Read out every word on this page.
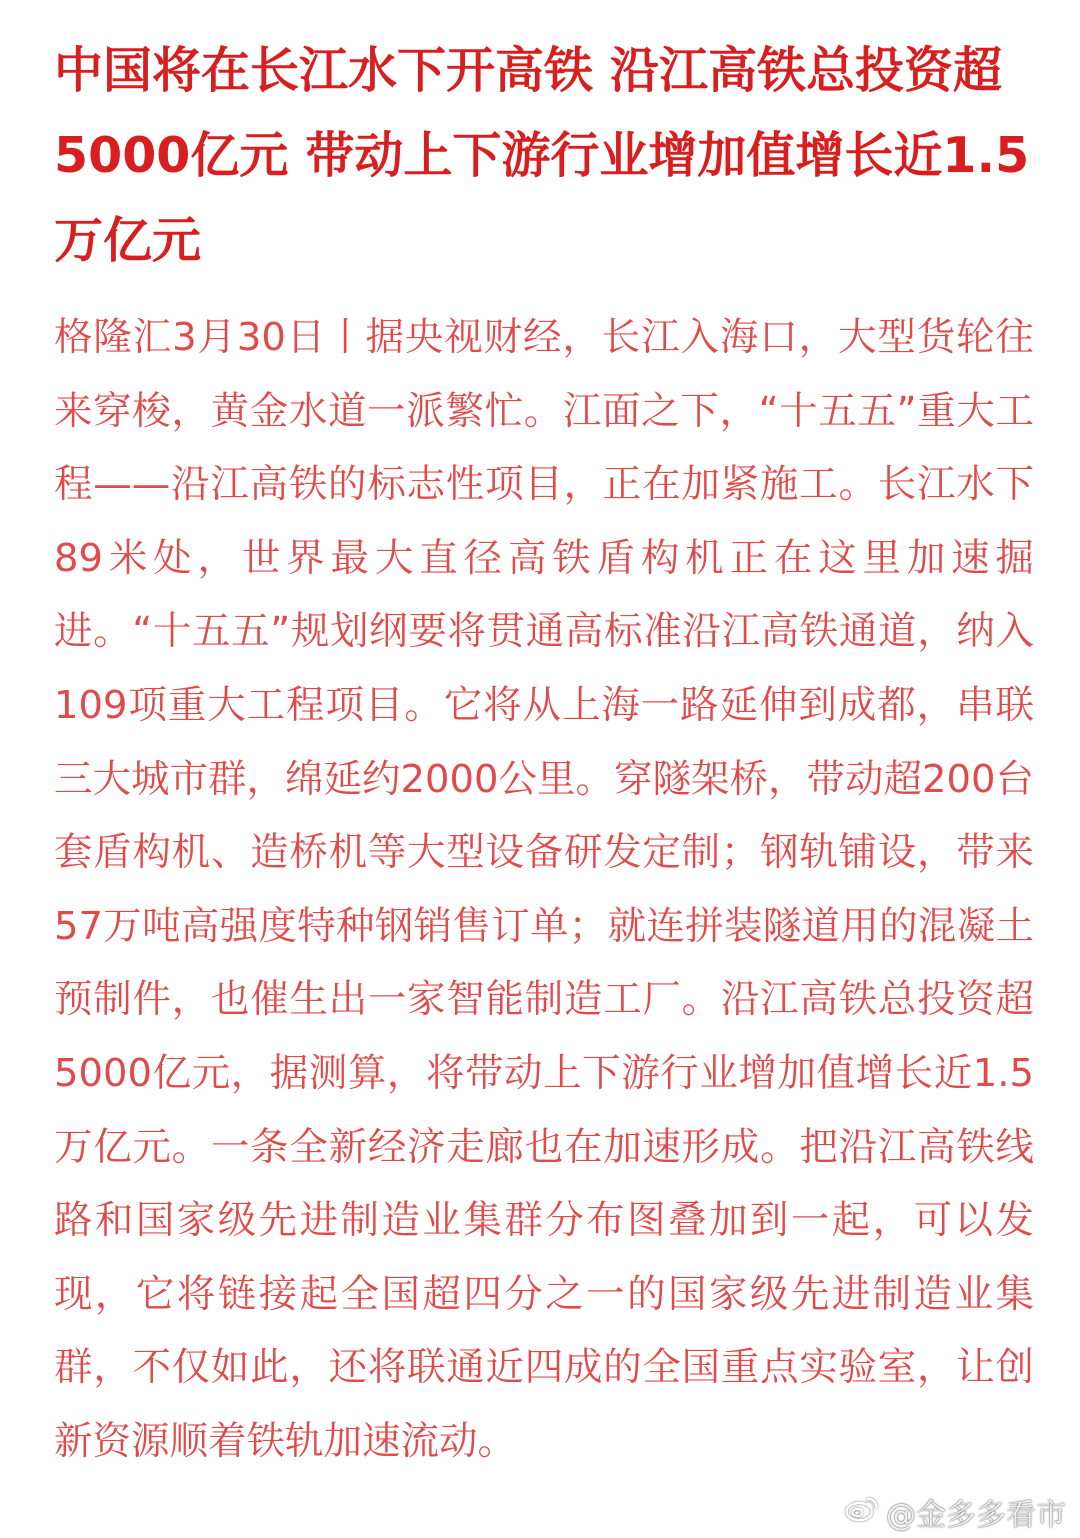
中国将在长江水下开高铁 沿江高铁总投资超5000亿元 带动上下游行业增加值增长近1.5万亿元

格隆汇3月30日丨据央视财经，长江入海口，大型货轮往来穿梭，黄金水道一派繁忙。江面之下，“十五五”重大工程——沿江高铁的标志性项目，正在加紧施工。长江水下89米处，世界最大直径高铁盾构机正在这里加速掘进。“十五五”规划纲要将贯通高标准沿江高铁通道，纳入109项重大工程项目。它将从上海一路延伸到成都，串联三大城市群，绵延约2000公里。穿隧架桥，带动超200台套盾构机、造桥机等大型设备研发定制；钢轨铺设，带来57万吨高强度特种钢销售订单；就连拼装隧道用的混凝土预制件，也催生出一家智能制造工厂。沿江高铁总投资超5000亿元，据测算，将带动上下游行业增加值增长近1.5万亿元。一条全新经济走廊也在加速形成。把沿江高铁线路和国家级先进制造业集群分布图叠加到一起，可以发现，它将链接起全国超四分之一的国家级先进制造业集群，不仅如此，还将联通近四成的全国重点实验室，让创新资源顺着铁轨加速流动。

@金多多看市
